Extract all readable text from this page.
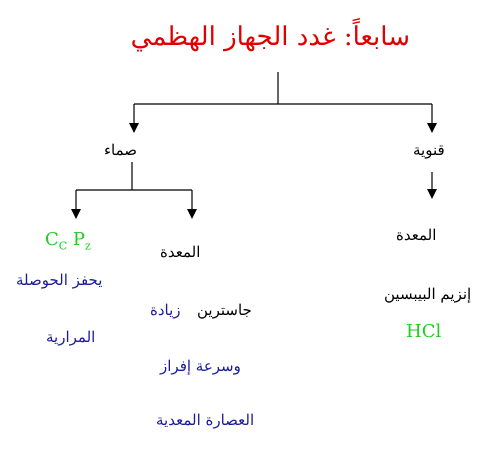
سابعاً: غدد الجهاز الهظمي
قنوية
صماء
المعدة
إنزيم البيبسين
HCl
المعدة
جاسترين
زيادة
وسرعة إفراز
العصارة المعدية
$C_C$ $P_z$
يحفز الحوصلة
المرارية
